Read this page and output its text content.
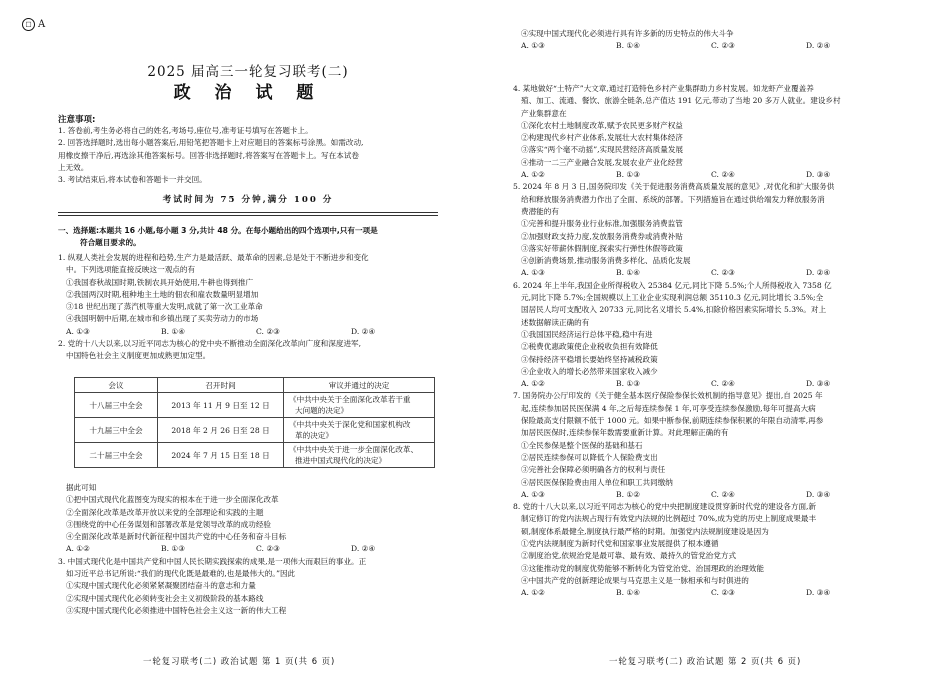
☐ A
2025 届高三一轮复习联考(二)
政 治 试 题
注意事项:
1. 答卷前,考生务必将自己的姓名,考场号,座位号,准考证号填写在答题卡上。
2. 回答选择题时,选出每小题答案后,用铅笔把答题卡上对应题目的答案标号涂黑。如需改动,
用橡皮擦干净后,再选涂其他答案标号。回答非选择题时,将答案写在答题卡上。写在本试卷
上无效。
3. 考试结束后,将本试卷和答题卡一并交回。
考试时间为 75 分钟,满分 100 分
一、选择题:本题共 16 小题,每小题 3 分,共计 48 分。在每小题给出的四个选项中,只有一项是
符合题目要求的。
1. 纵观人类社会发展的进程和趋势,生产力是最活跃、最革命的因素,总是处于不断进步和变化
中。下列选项能直接反映这一观点的有
①我国春秋战国时期,铁制农具开始使用,牛耕也得到推广
②我国两汉时期,租种地主土地的佃农和雇农数量明显增加
③18 世纪出现了蒸汽机等重大发明,成就了第一次工业革命
④我国明朝中后期,在城市和乡镇出现了买卖劳动力的市场
A. ①③	B. ①④	C. ②③	D. ②④
2. 党的十八大以来,以习近平同志为核心的党中央不断推动全面深化改革向广度和深度进军,
中国特色社会主义制度更加成熟更加定型。
会议	召开时间	审议并通过的决定
十八届三中全会	2013 年 11 月 9 日至 12 日	《中共中央关于全面深化改革若干重
大问题的决定》

十九届三中全会	2018 年 2 月 26 日至 28 日	《中共中央关于深化党和国家机构改
革的决定》

二十届三中全会	2024 年 7 月 15 日至 18 日	《中共中央关于进一步全面深化改革、
推进中国式现代化的决定》
据此可知
①把中国式现代化蓝图变为现实的根本在于进一步全面深化改革
②全面深化改革是改革开放以来党的全部理论和实践的主题
③围绕党的中心任务谋划和部署改革是党领导改革的成功经验
④全面深化改革是新时代新征程中国共产党的中心任务和奋斗目标
A. ①②	B. ①③	C. ②③	D. ②④
3. 中国式现代化是中国共产党和中国人民长期实践探索的成果,是一项伟大而艰巨的事业。正
如习近平总书记所说:“我们的现代化既是最难的,也是最伟大的。”因此
①实现中国式现代化必须紧紧凝聚团结奋斗的意志和力量
②实现中国式现代化必须转变社会主义初级阶段的基本路线
③实现中国式现代化必须推进中国特色社会主义这一新的伟大工程
一轮复习联考(二) 政治试题 第 1 页(共 6 页)
④实现中国式现代化必须进行具有许多新的历史特点的伟大斗争
A. ①③	B. ①④	C. ②③	D. ②④
4. 某地做好“土特产”大文章,通过打造特色乡村产业集群助力乡村发展。如龙虾产业覆盖养
殖、加工、流通、餐饮、旅游全链条,总产值达 191 亿元,带动了当地 20 多万人就业。建设乡村
产业集群意在
①深化农村土地制度改革,赋予农民更多财产权益
②构建现代乡村产业体系,发展壮大农村集体经济
③落实“两个毫不动摇”,实现民营经济高质量发展
④推动一二三产业融合发展,发展农业产业化经营
A. ①②	B. ①③	C. ②④	D. ③④
5. 2024 年 8 月 3 日,国务院印发《关于促进服务消费高质量发展的意见》,对优化和扩大服务供
给和释放服务消费潜力作出了全面、系统的部署。下列措施旨在通过供给端发力释放服务消
费潜能的有
①完善和提升服务业行业标准,加强服务消费监管
②加强财政支持力度,发放服务消费券或消费补贴
③落实好带薪休假制度,探索实行弹性休假等政策
④创新消费场景,推动服务消费多样化、品质化发展
A. ①③	B. ①④	C. ②③	D. ②④
6. 2024 年上半年,我国企业所得税收入 25384 亿元,同比下降 5.5%;个人所得税收入 7358 亿
元,同比下降 5.7%;全国规模以上工业企业实现利润总额 35110.3 亿元,同比增长 3.5%;全
国居民人均可支配收入 20733 元,同比名义增长 5.4%,扣除价格因素实际增长 5.3%。对上
述数据解读正确的有
①我国国民经济运行总体平稳,稳中有进
②税费优惠政策使企业税收负担有效降低
③保持经济平稳增长要始终坚持减税政策
④企业收入的增长必然带来国家收入减少
A. ①②	B. ①③	C. ②④	D. ③④
7. 国务院办公厅印发的《关于健全基本医疗保险参保长效机制的指导意见》提出,自 2025 年
起,连续参加居民医保满 4 年,之后每连续参保 1 年,可享受连续参保激励,每年可提高大病
保险最高支付限额不低于 1000 元。如果中断参保,前期连续参保积累的年限自动清零,再参
加居民医保时,连续参保年数需要重新计算。对此理解正确的有
①全民参保是整个医保的基础和基石
②居民连续参保可以降低个人保险费支出
③完善社会保障必须明确各方的权利与责任
④居民医保保险费由用人单位和职工共同缴纳
A. ①③	B. ①②	C. ②④	D. ③④
8. 党的十八大以来,以习近平同志为核心的党中央把制度建设贯穿新时代党的建设各方面,新
制定修订的党内法规占现行有效党内法规的比例超过 70%,成为党的历史上制度成果最丰
硕,制度体系最健全,制度执行最严格的时期。加强党内法规制度建设是因为
①党内法规制度为新时代党和国家事业发展提供了根本遵循
②制度治党,依规治党是最可靠、最有效、最持久的管党治党方式
③这能推动党的制度优势能够不断转化为管党治党、治国理政的治理效能
④中国共产党的创新理论成果与马克思主义是一脉相承和与时俱进的
A. ①②	B. ①④	C. ②③	D. ③④
一轮复习联考(二) 政治试题 第 2 页(共 6 页)
